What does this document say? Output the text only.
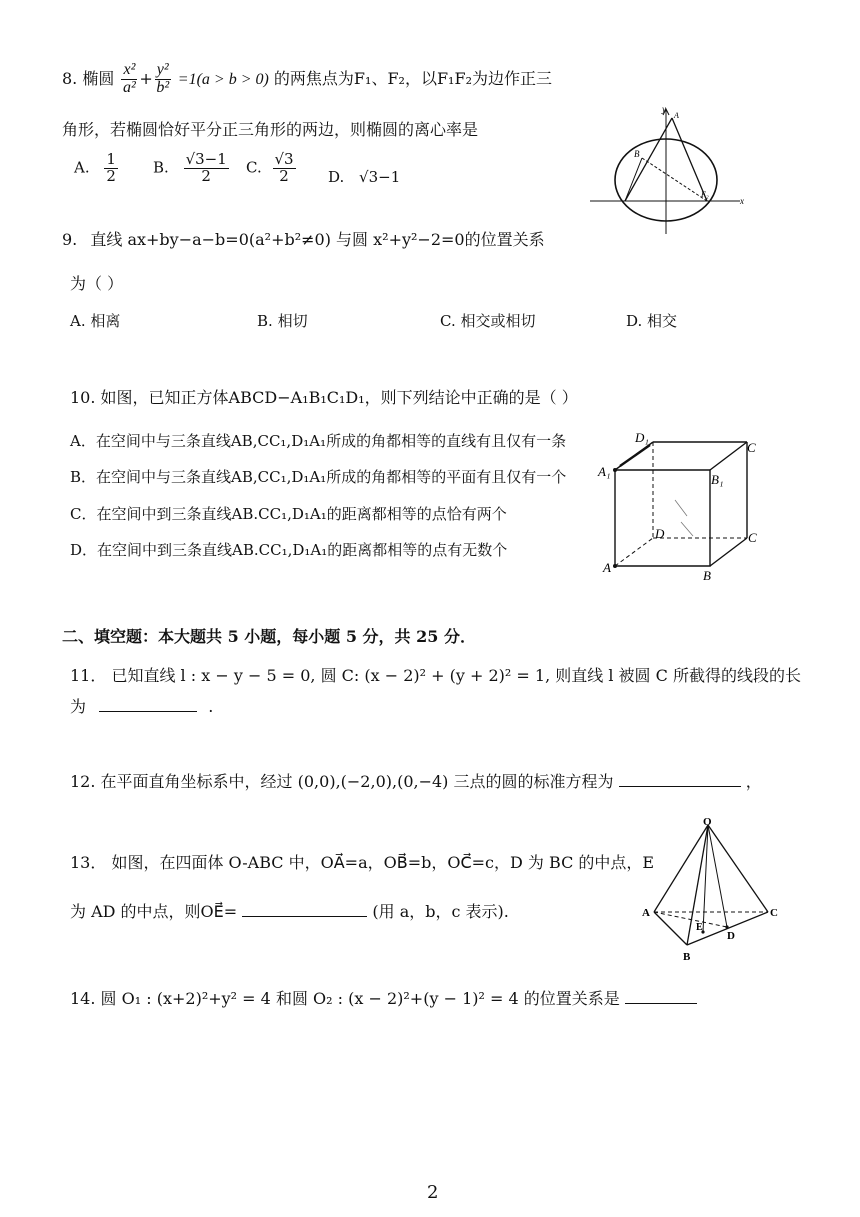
8. 椭圆 $\frac{\text{x²}}{\text{a²}} + \frac{\text{y²}}{\text{b²}} =1(a > b > 0)$ 的两焦点为F₁、F₂，以F₁F₂为边作正三
角形，若椭圆恰好平分正三角形的两边，则椭圆的离心率是
A. $\frac{1}{2} B$. $\frac{√3-1}{2} C$. $\frac{√3}{2} D$. √3−1
y
A
B
F₂
x
9. 直线 ax+by−a−b=0(a²+b²≠0) 与圆 x²+y²−2=0的位置关系
为（ ）
A. 相离	B. 相切	C. 相交或相切	D. 相交
10. 如图，已知正方体ABCD−A₁B₁C₁D₁，则下列结论中正确的是（ ）
A．在空间中与三条直线AB,CC₁,D₁A₁所成的角都相等的直线有且仅有一条
B．在空间中与三条直线AB,CC₁,D₁A₁所成的角都相等的平面有且仅有一个
C．在空间中到三条直线AB.CC₁,D₁A₁的距离都相等的点恰有两个
D．在空间中到三条直线AB.CC₁,D₁A₁的距离都相等的点有无数个
D₁
C
A₁
B₁
D	C
A
B
二、填空题：本大题共 5 小题，每小题 5 分，共 25 分．
11． 已知直线 l : x − y − 5 = 0, 圆 C: (x − 2)² + (y + 2)² = 1, 则直线 l 被圆 C 所截得的线段的长
为	.
12. 在平面直角坐标系中，经过 (0,0),(−2,0),(0,−4) 三点的圆的标准方程为	，
13． 如图，在四面体 O-ABC 中，OA⃗=a，OB⃗=b，OC⃗=c，D 为 BC 的中点，E
为 AD 的中点，则OE⃗=	(用 a，b，c 表示).
O
A	C
E
D
B
14. 圆 O₁ : (x+2)²+y² = 4 和圆 O₂ : (x − 2)²+(y − 1)² = 4 的位置关系是
2
